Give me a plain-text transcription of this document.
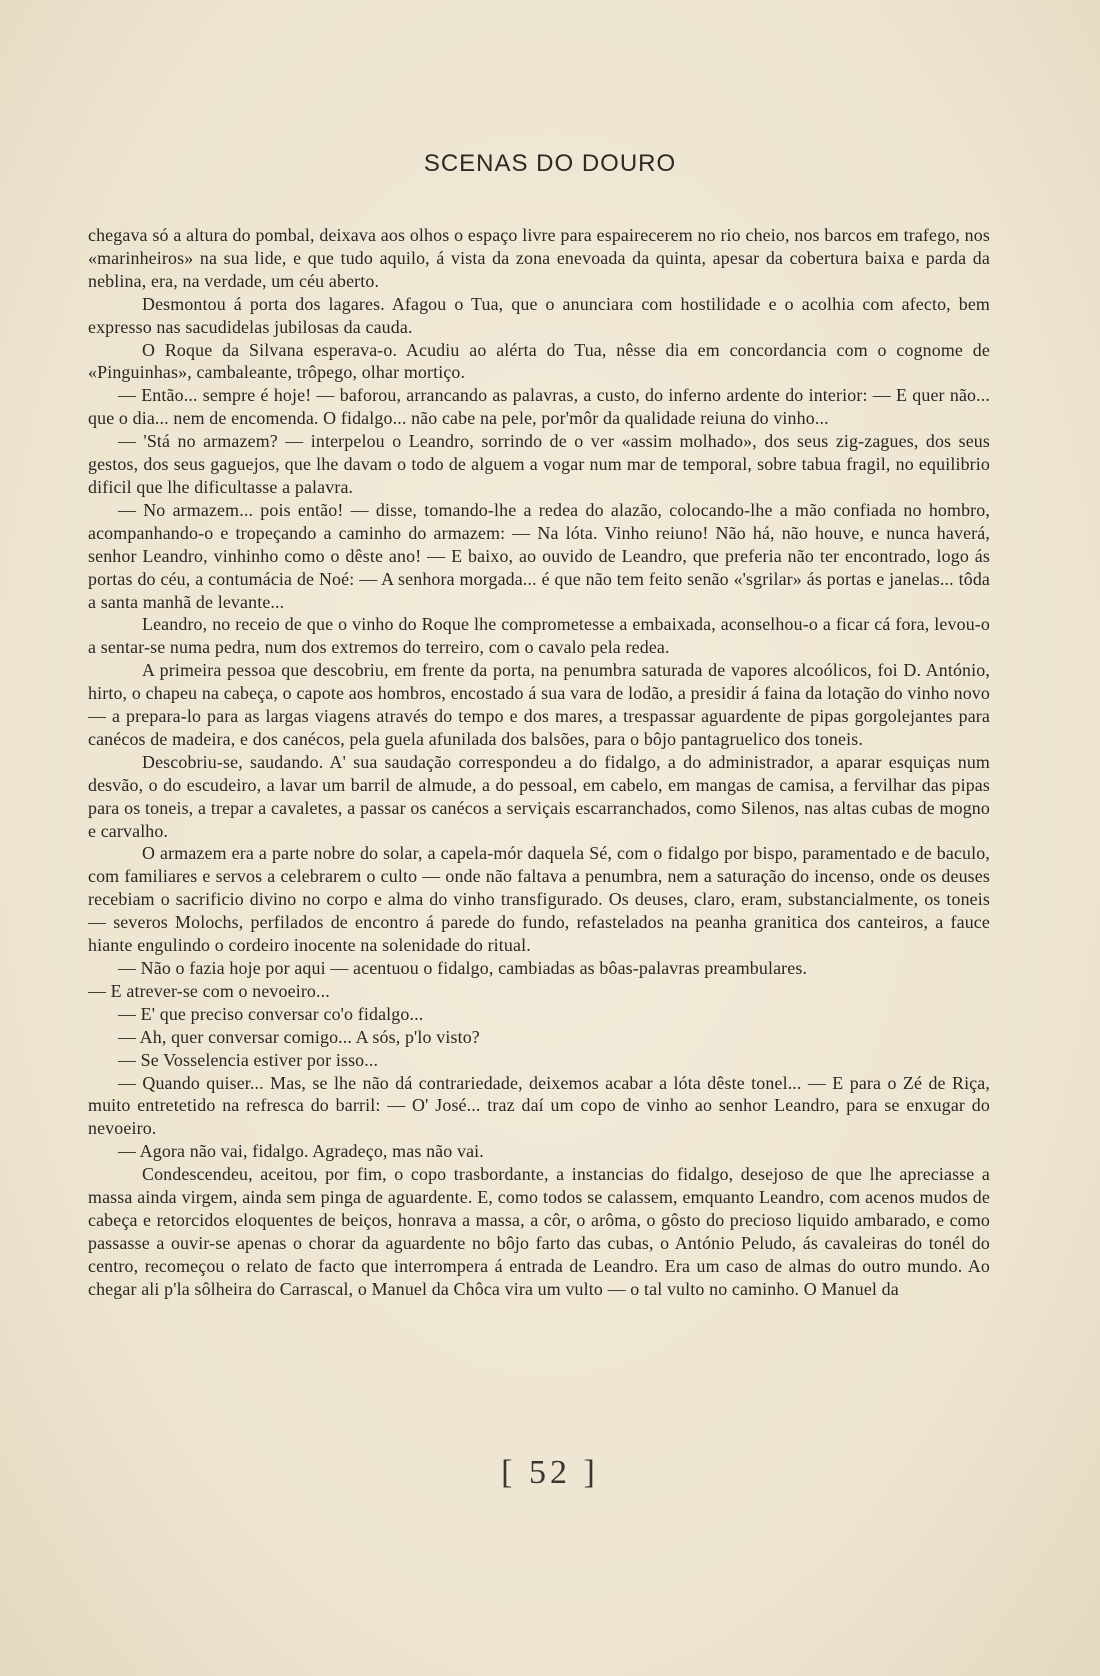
SCENAS DO DOURO

chegava só a altura do pombal, deixava aos olhos o espaço livre para espairecerem no rio cheio, nos barcos em trafego, nos «marinheiros» na sua lide, e que tudo aquilo, á vista da zona enevoada da quinta, apesar da cobertura baixa e parda da neblina, era, na verdade, um céu aberto.

Desmontou á porta dos lagares. Afagou o Tua, que o anunciara com hostilidade e o acolhia com afecto, bem expresso nas sacudidelas jubilosas da cauda.

O Roque da Silvana esperava-o. Acudiu ao alérta do Tua, nêsse dia em concordancia com o cognome de «Pinguinhas», cambaleante, trôpego, olhar mortiço.

— Então... sempre é hoje! — baforou, arrancando as palavras, a custo, do inferno ardente do interior: — E quer não... que o dia... nem de encomenda. O fidalgo... não cabe na pele, por'môr da qualidade reiuna do vinho...

— 'Stá no armazem? — interpelou o Leandro, sorrindo de o ver «assim molhado», dos seus zig-zagues, dos seus gestos, dos seus gaguejos, que lhe davam o todo de alguem a vogar num mar de temporal, sobre tabua fragil, no equilibrio dificil que lhe dificultasse a palavra.

— No armazem... pois então! — disse, tomando-lhe a redea do alazão, colocando-lhe a mão confiada no hombro, acompanhando-o e tropeçando a caminho do armazem: — Na lóta. Vinho reiuno! Não há, não houve, e nunca haverá, senhor Leandro, vinhinho como o dêste ano! — E baixo, ao ouvido de Leandro, que preferia não ter encontrado, logo ás portas do céu, a contumácia de Noé: — A senhora morgada... é que não tem feito senão «'sgrilar» ás portas e janelas... tôda a santa manhã de levante...

Leandro, no receio de que o vinho do Roque lhe comprometesse a embaixada, aconselhou-o a ficar cá fora, levou-o a sentar-se numa pedra, num dos extremos do terreiro, com o cavalo pela redea.

A primeira pessoa que descobriu, em frente da porta, na penumbra saturada de vapores alcoólicos, foi D. António, hirto, o chapeu na cabeça, o capote aos hombros, encostado á sua vara de lodão, a presidir á faina da lotação do vinho novo — a prepara-lo para as largas viagens através do tempo e dos mares, a trespassar aguardente de pipas gorgolejantes para canécos de madeira, e dos canécos, pela guela afunilada dos balsões, para o bôjo pantagruelico dos toneis.

Descobriu-se, saudando. A' sua saudação correspondeu a do fidalgo, a do administrador, a aparar esquiças num desvão, o do escudeiro, a lavar um barril de almude, a do pessoal, em cabelo, em mangas de camisa, a fervilhar das pipas para os toneis, a trepar a cavaletes, a passar os canécos a serviçais escarranchados, como Silenos, nas altas cubas de mogno e carvalho.

O armazem era a parte nobre do solar, a capela-mór daquela Sé, com o fidalgo por bispo, paramentado e de baculo, com familiares e servos a celebrarem o culto — onde não faltava a penumbra, nem a saturação do incenso, onde os deuses recebiam o sacrificio divino no corpo e alma do vinho transfigurado. Os deuses, claro, eram, substancialmente, os toneis — severos Molochs, perfilados de encontro á parede do fundo, refastelados na peanha granitica dos canteiros, a fauce hiante engulindo o cordeiro inocente na solenidade do ritual.

— Não o fazia hoje por aqui — acentuou o fidalgo, cambiadas as bôas-palavras preambulares.

— E atrever-se com o nevoeiro...

— E' que preciso conversar co'o fidalgo...

— Ah, quer conversar comigo... A sós, p'lo visto?

— Se Vosselencia estiver por isso...

— Quando quiser... Mas, se lhe não dá contrariedade, deixemos acabar a lóta dêste tonel... — E para o Zé de Riça, muito entretetido na refresca do barril: — O' José... traz daí um copo de vinho ao senhor Leandro, para se enxugar do nevoeiro.

— Agora não vai, fidalgo. Agradeço, mas não vai.

Condescendeu, aceitou, por fim, o copo trasbordante, a instancias do fidalgo, desejoso de que lhe apreciasse a massa ainda virgem, ainda sem pinga de aguardente. E, como todos se calassem, emquanto Leandro, com acenos mudos de cabeça e retorcidos eloquentes de beiços, honrava a massa, a côr, o arôma, o gôsto do precioso liquido ambarado, e como passasse a ouvir-se apenas o chorar da aguardente no bôjo farto das cubas, o António Peludo, ás cavaleiras do tonél do centro, recomeçou o relato de facto que interrompera á entrada de Leandro. Era um caso de almas do outro mundo. Ao chegar ali p'la sôlheira do Carrascal, o Manuel da Chôca vira um vulto — o tal vulto no caminho. O Manuel da

[ 52 ]
